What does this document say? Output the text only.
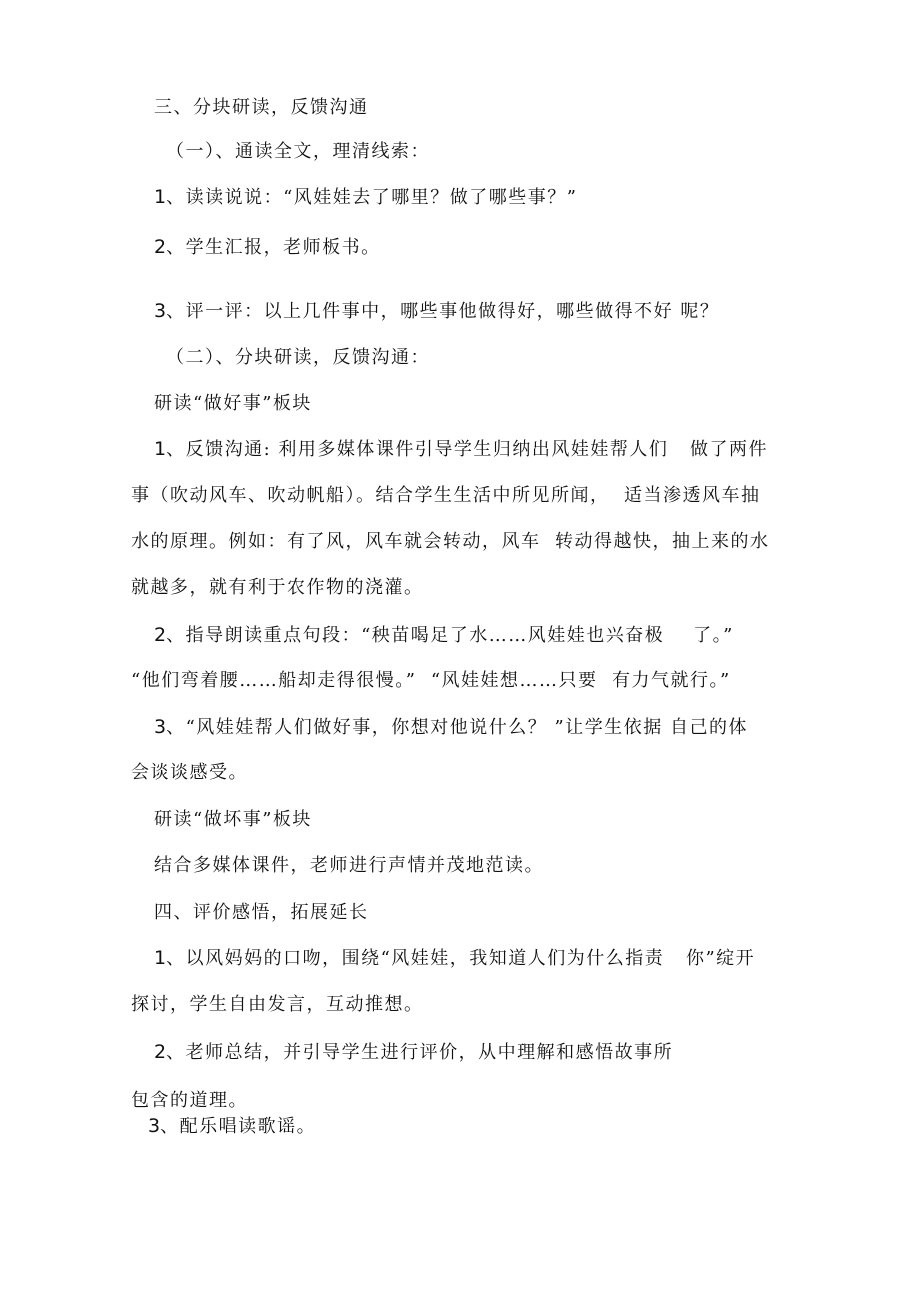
三、分块研读，反馈沟通
（一）、通读全文，理清线索：
1、读读说说：“风娃娃去了哪里？做了哪些事？”
2、学生汇报，老师板书。
3、评一评：以上几件事中，哪些事他做得好，哪些做得不好 呢？
（二）、分块研读，反馈沟通：
研读“做好事”板块
1、反馈沟通: 利用多媒体课件引导学生归纳出风娃娃帮人们   做了两件
事（吹动风车、吹动帆船）。结合学生生活中所见所闻，  适当渗透风车抽
水的原理。例如：有了风，风车就会转动，风车  转动得越快，抽上来的水
就越多，就有利于农作物的浇灌。
2、指导朗读重点句段：“秧苗喝足了水……风娃娃也兴奋极    了。”
“他们弯着腰……船却走得很慢。”  “风娃娃想……只要  有力气就行。”
3、“风娃娃帮人们做好事，你想对他说什么？ ”让学生依据 自己的体
会谈谈感受。
研读“做坏事”板块
结合多媒体课件，老师进行声情并茂地范读。
四、评价感悟，拓展延长
1、以风妈妈的口吻，围绕“风娃娃，我知道人们为什么指责   你”绽开
探讨，学生自由发言，互动推想。
2、老师总结，并引导学生进行评价，从中理解和感悟故事所
包含的道理。
3、配乐唱读歌谣。
